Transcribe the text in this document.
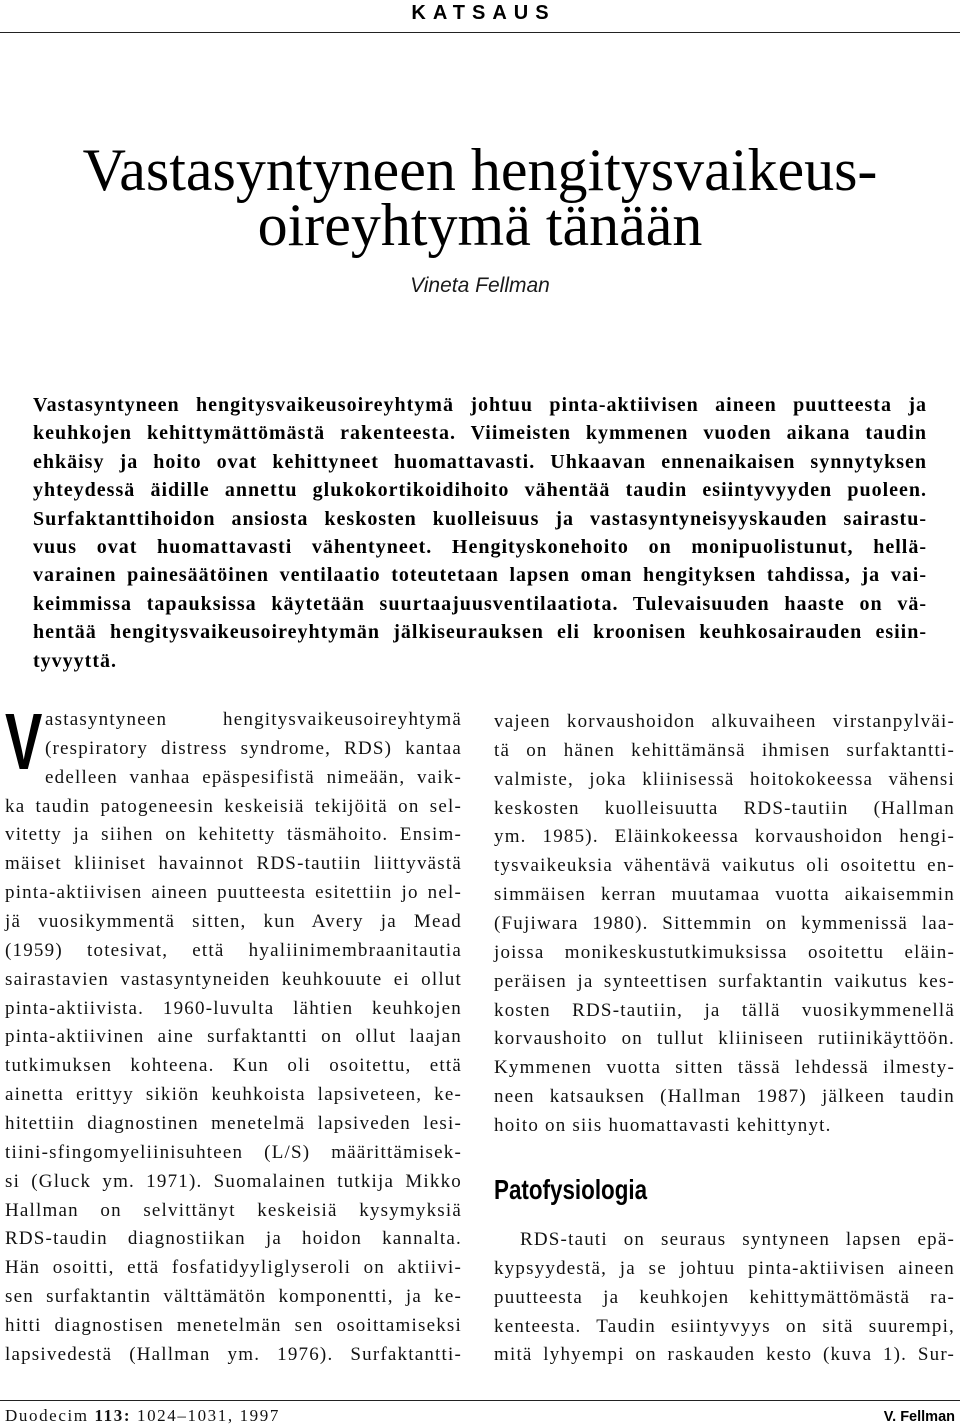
KATSAUS
Vastasyntyneen hengitysvaikeus-
oireyhtymä tänään
Vineta Fellman
Vastasyntyneen hengitysvaikeusoireyhtymä johtuu pinta-aktiivisen aineen puutteesta ja
keuhkojen kehittymättömästä rakenteesta. Viimeisten kymmenen vuoden aikana taudin
ehkäisy ja hoito ovat kehittyneet huomattavasti. Uhkaavan ennenaikaisen synnytyksen
yhteydessä äidille annettu glukokortikoidihoito vähentää taudin esiintyvyyden puoleen.
Surfaktanttihoidon ansiosta keskosten kuolleisuus ja vastasyntyneisyyskauden sairastu-
vuus ovat huomattavasti vähentyneet. Hengityskonehoito on monipuolistunut, hellä-
varainen painesäätöinen ventilaatio toteutetaan lapsen oman hengityksen tahdissa, ja vai-
keimmissa tapauksissa käytetään suurtaajuusventilaatiota. Tulevaisuuden haaste on vä-
hentää hengitysvaikeusoireyhtymän jälkiseurauksen eli kroonisen keuhkosairauden esiin-
tyvyyttä.
V astasyntyneen hengitysvaikeusoireyhtymä
(respiratory distress syndrome, RDS) kantaa
edelleen vanhaa epäspesifistä nimeään, vaik-
ka taudin patogeneesin keskeisiä tekijöitä on sel-
vitetty ja siihen on kehitetty täsmähoito. Ensim-
mäiset kliiniset havainnot RDS-tautiin liittyvästä
pinta-aktiivisen aineen puutteesta esitettiin jo nel-
jä vuosikymmentä sitten, kun Avery ja Mead
(1959) totesivat, että hyaliinimembraanitautia
sairastavien vastasyntyneiden keuhkouute ei ollut
pinta-aktiivista. 1960-luvulta lähtien keuhkojen
pinta-aktiivinen aine surfaktantti on ollut laajan
tutkimuksen kohteena. Kun oli osoitettu, että
ainetta erittyy sikiön keuhkoista lapsiveteen, ke-
hitettiin diagnostinen menetelmä lapsiveden lesi-
tiini-sfingomyeliinisuhteen (L/S) määrittämisek-
si (Gluck ym. 1971). Suomalainen tutkija Mikko
Hallman on selvittänyt keskeisiä kysymyksiä
RDS-taudin diagnostiikan ja hoidon kannalta.
Hän osoitti, että fosfatidyyliglyseroli on aktiivi-
sen surfaktantin välttämätön komponentti, ja ke-
hitti diagnostisen menetelmän sen osoittamiseksi
lapsivedestä (Hallman ym. 1976). Surfaktantti-
vajeen korvaushoidon alkuvaiheen virstanpylväi-
tä on hänen kehittämänsä ihmisen surfaktantti-
valmiste, joka kliinisessä hoitokokeessa vähensi
keskosten kuolleisuutta RDS-tautiin (Hallman
ym. 1985). Eläinkokeessa korvaushoidon hengi-
tysvaikeuksia vähentävä vaikutus oli osoitettu en-
simmäisen kerran muutamaa vuotta aikaisemmin
(Fujiwara 1980). Sittemmin on kymmenissä laa-
joissa monikeskustutkimuksissa osoitettu eläin-
peräisen ja synteettisen surfaktantin vaikutus kes-
kosten RDS-tautiin, ja tällä vuosikymmenellä
korvaushoito on tullut kliiniseen rutiinikäyttöön.
Kymmenen vuotta sitten tässä lehdessä ilmesty-
neen katsauksen (Hallman 1987) jälkeen taudin
hoito on siis huomattavasti kehittynyt.
Patofysiologia
RDS-tauti on seuraus syntyneen lapsen epä-
kypsyydestä, ja se johtuu pinta-aktiivisen aineen
puutteesta ja keuhkojen kehittymättömästä ra-
kenteesta. Taudin esiintyvyys on sitä suurempi,
mitä lyhyempi on raskauden kesto (kuva 1). Sur-
Duodecim 113: 1024–1031, 1997	V. Fellman
